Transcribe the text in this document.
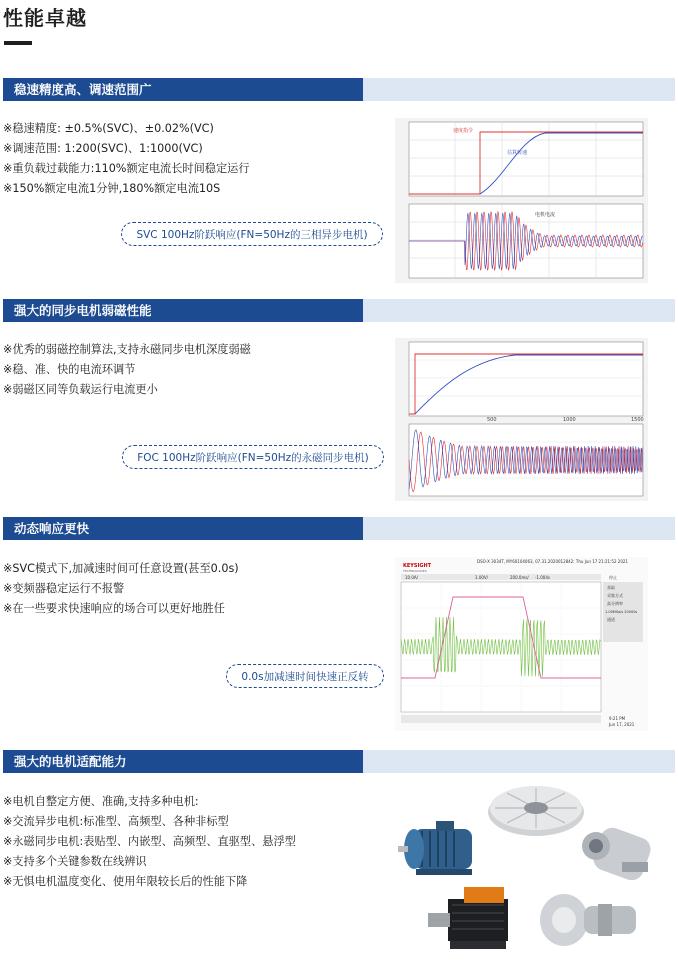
性能卓越
稳速精度高、调速范围广
※稳速精度: ±0.5%(SVC)、±0.02%(VC)
※调速范围: 1:200(SVC)、1:1000(VC)
※重负载过载能力:110%额定电流长时间稳定运行
※150%额定电流1分钟,180%额定电流10S
SVC 100Hz阶跃响应(FN=50Hz的三相异步电机)
速度指令
估算转速
电机电流
强大的同步电机弱磁性能
※优秀的弱磁控制算法,支持永磁同步电机深度弱磁
※稳、准、快的电流环调节
※弱磁区同等负载运行电流更小
FOC 100Hz阶跃响应(FN=50Hz的永磁同步电机)
500	1000	1500
动态响应更快
※SVC模式下,加减速时间可任意设置(甚至0.0s)
※变频器稳定运行不报警
※在一些要求快速响应的场合可以更好地胜任
0.0s加减速时间快速正反转
KEYSIGHT
TECHNOLOGIES
DSO-X 3034T, MY60104063, 07.31.2020012842: Thu Jun 17 21:21:52 2021
10.0A/	1.00V/	200.0ms/ -1.004s	停止
获取
采集方式
高分辨率
1.00MSa/s 20000s
通道
9:21 PM
Jun 17, 2021
强大的电机适配能力
※电机自整定方便、准确,支持多种电机:
※交流异步电机:标准型、高频型、各种非标型
※永磁同步电机:表贴型、内嵌型、高频型、直驱型、悬浮型
※支持多个关键参数在线辨识
※无惧电机温度变化、使用年限较长后的性能下降
